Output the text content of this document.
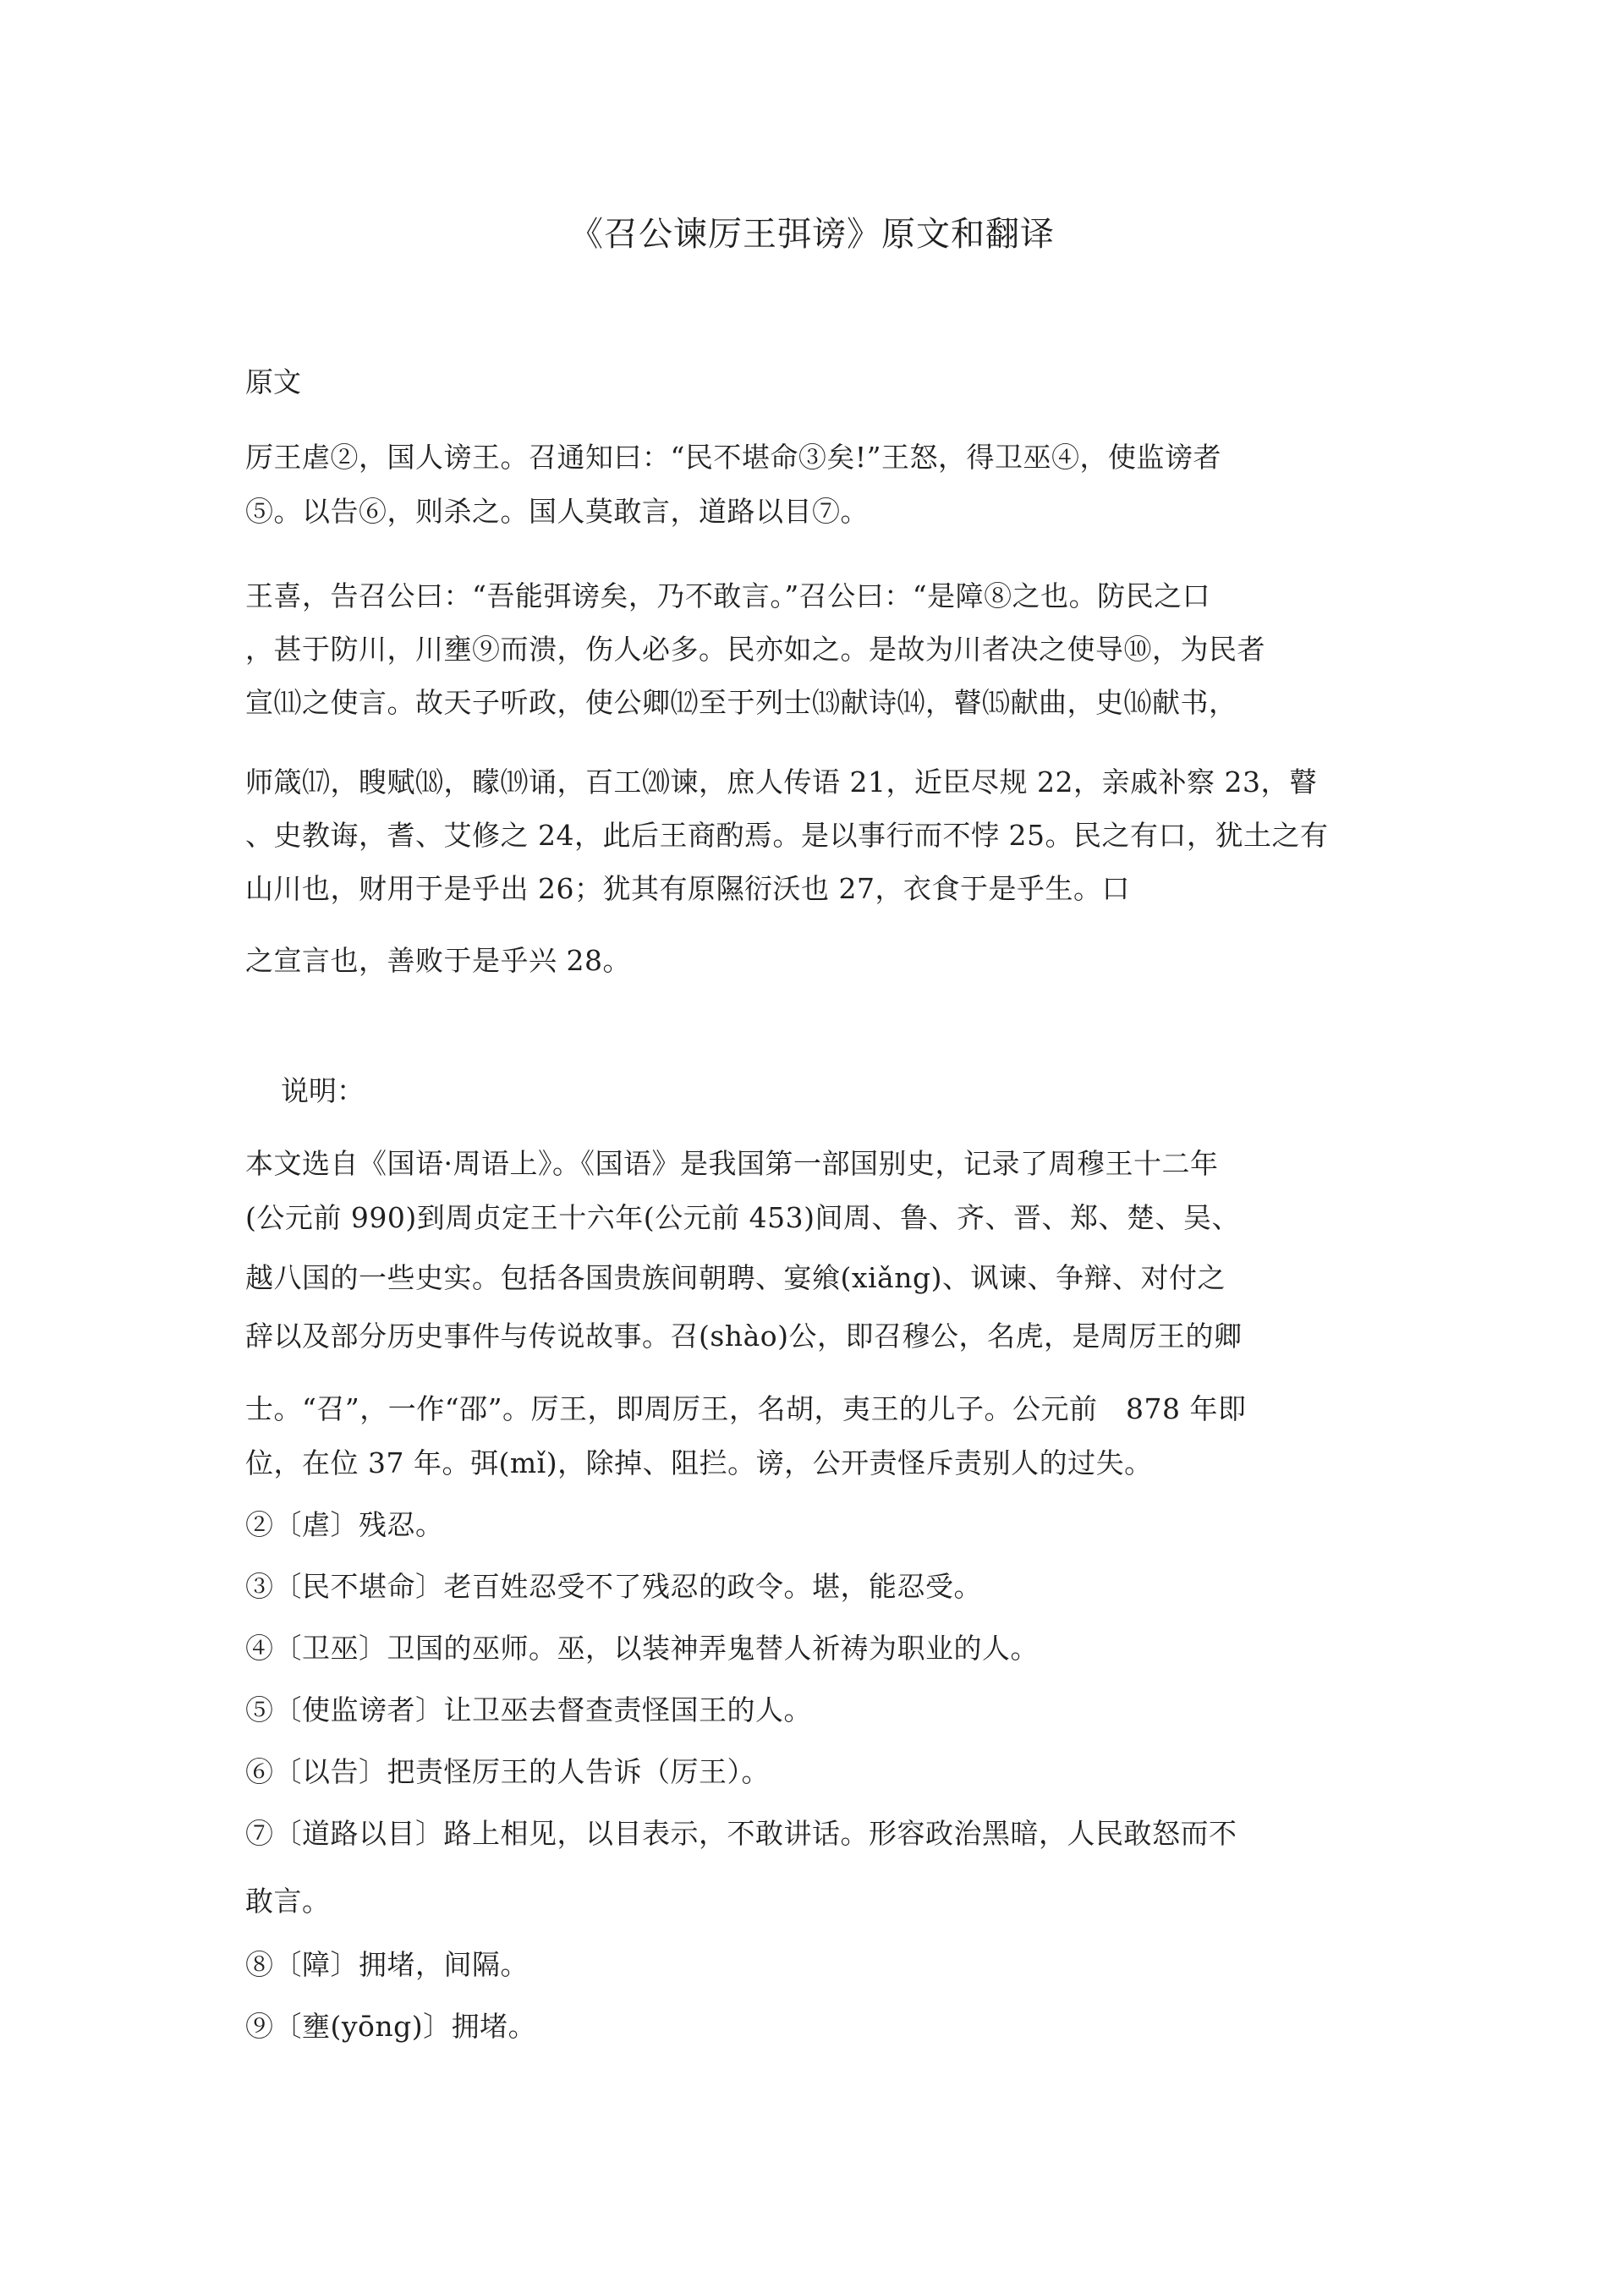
《召公谏厉王弭谤》原文和翻译
原文
厉王虐②，国人谤王。召通知曰：“民不堪命③矣!”王怒，得卫巫④，使监谤者
⑤。以告⑥，则杀之。国人莫敢言，道路以目⑦。
王喜，告召公曰：“吾能弭谤矣，乃不敢言。”召公曰：“是障⑧之也。防民之口
，甚于防川，川壅⑨而溃，伤人必多。民亦如之。是故为川者决之使导⑩，为民者
宣⑾之使言。故天子听政，使公卿⑿至于列士⒀献诗⒁，瞽⒂献曲，史⒃献书，
师箴⒄，瞍赋⒅，矇⒆诵，百工⒇谏，庶人传语 21，近臣尽规 22，亲戚补察 23，瞽
、史教诲，耆、艾修之 24，此后王商酌焉。是以事行而不悖 25。民之有口，犹土之有
山川也，财用于是乎出 26；犹其有原隰衍沃也 27，衣食于是乎生。口
之宣言也，善败于是乎兴 28。
说明：
本文选自《国语·周语上》。《国语》是我国第一部国别史，记录了周穆王十二年
(公元前 990)到周贞定王十六年(公元前 453)间周、鲁、齐、晋、郑、楚、吴、
越八国的一些史实。包括各国贵族间朝聘、宴飨(xiǎng)、讽谏、争辩、对付之
辞以及部分历史事件与传说故事。召(shào)公，即召穆公，名虎，是周厉王的卿
士。“召”，一作“邵”。厉王，即周厉王，名胡，夷王的儿子。公元前　878 年即
位，在位 37 年。弭(mǐ)，除掉、阻拦。谤，公开责怪斥责别人的过失。
②〔虐〕残忍。
③〔民不堪命〕老百姓忍受不了残忍的政令。堪，能忍受。
④〔卫巫〕卫国的巫师。巫，以装神弄鬼替人祈祷为职业的人。
⑤〔使监谤者〕让卫巫去督查责怪国王的人。
⑥〔以告〕把责怪厉王的人告诉（厉王）。
⑦〔道路以目〕路上相见，以目表示，不敢讲话。形容政治黑暗，人民敢怒而不
敢言。
⑧〔障〕拥堵，间隔。
⑨〔壅(yōng)〕拥堵。
